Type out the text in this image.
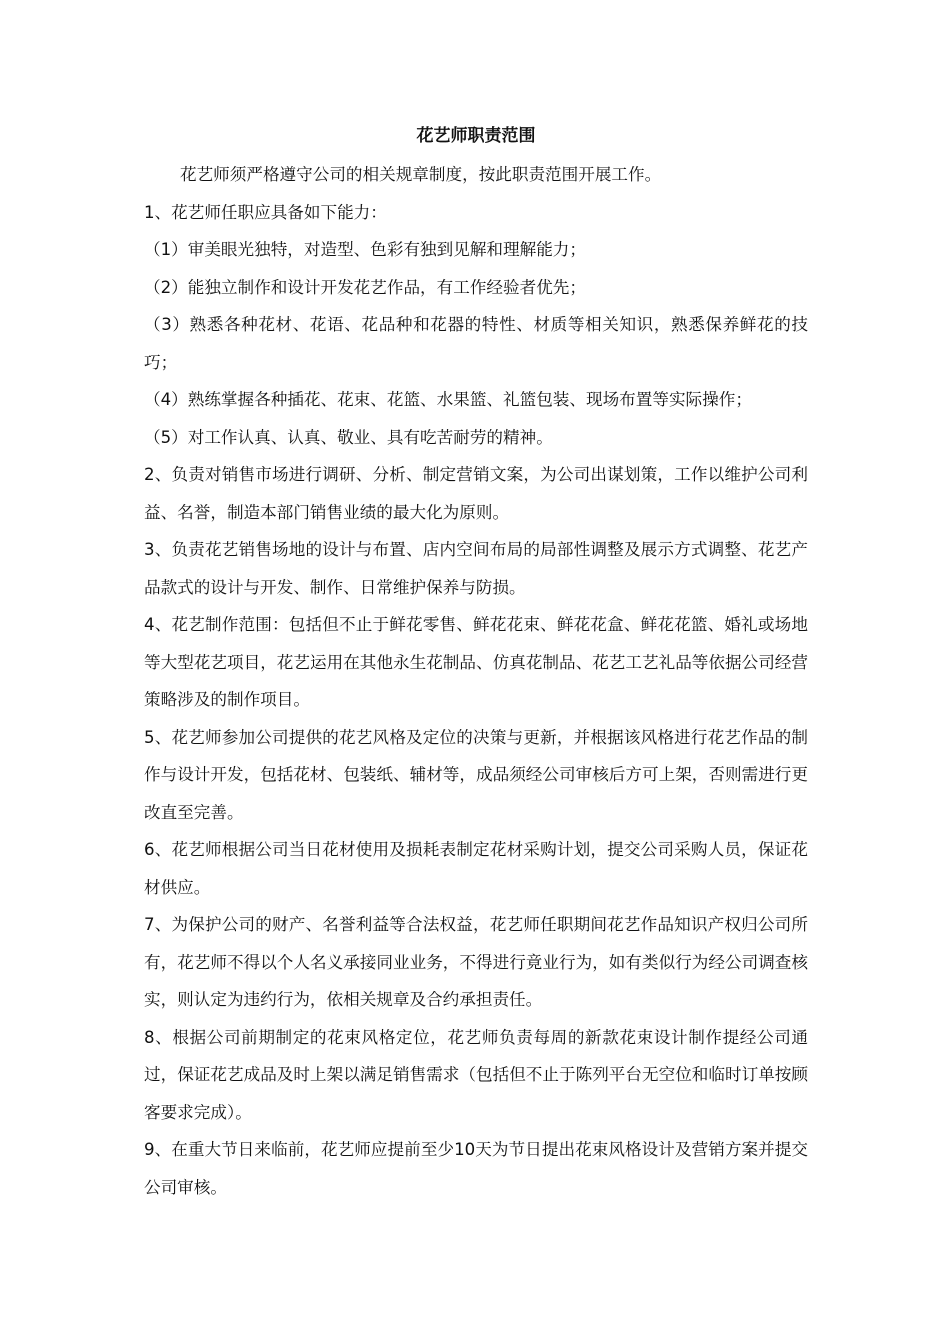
花艺师职责范围

花艺师须严格遵守公司的相关规章制度，按此职责范围开展工作。

1、花艺师任职应具备如下能力：

（1）审美眼光独特，对造型、色彩有独到见解和理解能力；

（2）能独立制作和设计开发花艺作品，有工作经验者优先；

（3）熟悉各种花材、花语、花品种和花器的特性、材质等相关知识，熟悉保养鲜花的技巧；

（4）熟练掌握各种插花、花束、花篮、水果篮、礼篮包装、现场布置等实际操作；

（5）对工作认真、认真、敬业、具有吃苦耐劳的精神。

2、负责对销售市场进行调研、分析、制定营销文案，为公司出谋划策，工作以维护公司利益、名誉，制造本部门销售业绩的最大化为原则。

3、负责花艺销售场地的设计与布置、店内空间布局的局部性调整及展示方式调整、花艺产品款式的设计与开发、制作、日常维护保养与防损。

4、花艺制作范围：包括但不止于鲜花零售、鲜花花束、鲜花花盒、鲜花花篮、婚礼或场地等大型花艺项目，花艺运用在其他永生花制品、仿真花制品、花艺工艺礼品等依据公司经营策略涉及的制作项目。

5、花艺师参加公司提供的花艺风格及定位的决策与更新，并根据该风格进行花艺作品的制作与设计开发，包括花材、包装纸、辅材等，成品须经公司审核后方可上架，否则需进行更改直至完善。

6、花艺师根据公司当日花材使用及损耗表制定花材采购计划，提交公司采购人员，保证花材供应。

7、为保护公司的财产、名誉利益等合法权益，花艺师任职期间花艺作品知识产权归公司所有，花艺师不得以个人名义承接同业业务，不得进行竟业行为，如有类似行为经公司调查核实，则认定为违约行为，依相关规章及合约承担责任。

8、根据公司前期制定的花束风格定位，花艺师负责每周的新款花束设计制作提经公司通过，保证花艺成品及时上架以满足销售需求（包括但不止于陈列平台无空位和临时订单按顾客要求完成）。

9、在重大节日来临前，花艺师应提前至少10天为节日提出花束风格设计及营销方案并提交公司审核。
